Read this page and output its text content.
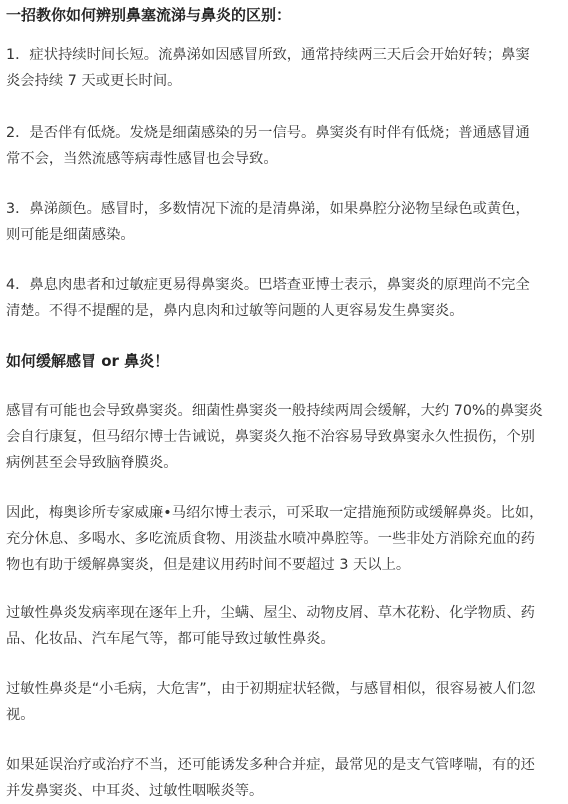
一招教你如何辨别鼻塞流涕与鼻炎的区别：

1．症状持续时间长短。流鼻涕如因感冒所致，通常持续两三天后会开始好转；鼻窦
炎会持续 7 天或更长时间。

2．是否伴有低烧。发烧是细菌感染的另一信号。鼻窦炎有时伴有低烧；普通感冒通
常不会，当然流感等病毒性感冒也会导致。

3．鼻涕颜色。感冒时，多数情况下流的是清鼻涕，如果鼻腔分泌物呈绿色或黄色，
则可能是细菌感染。

4．鼻息肉患者和过敏症更易得鼻窦炎。巴塔查亚博士表示，鼻窦炎的原理尚不完全
清楚。不得不提醒的是，鼻内息肉和过敏等问题的人更容易发生鼻窦炎。

如何缓解感冒 or 鼻炎！

感冒有可能也会导致鼻窦炎。细菌性鼻窦炎一般持续两周会缓解，大约 70%的鼻窦炎
会自行康复，但马绍尔博士告诫说，鼻窦炎久拖不治容易导致鼻窦永久性损伤，个别
病例甚至会导致脑脊膜炎。

因此，梅奥诊所专家威廉•马绍尔博士表示，可采取一定措施预防或缓解鼻炎。比如，
充分休息、多喝水、多吃流质食物、用淡盐水喷冲鼻腔等。一些非处方消除充血的药
物也有助于缓解鼻窦炎，但是建议用药时间不要超过 3 天以上。

过敏性鼻炎发病率现在逐年上升，尘螨、屋尘、动物皮屑、草木花粉、化学物质、药
品、化妆品、汽车尾气等，都可能导致过敏性鼻炎。

过敏性鼻炎是“小毛病，大危害”，由于初期症状轻微，与感冒相似，很容易被人们忽
视。

如果延误治疗或治疗不当，还可能诱发多种合并症，最常见的是支气管哮喘，有的还
并发鼻窦炎、中耳炎、过敏性咽喉炎等。
